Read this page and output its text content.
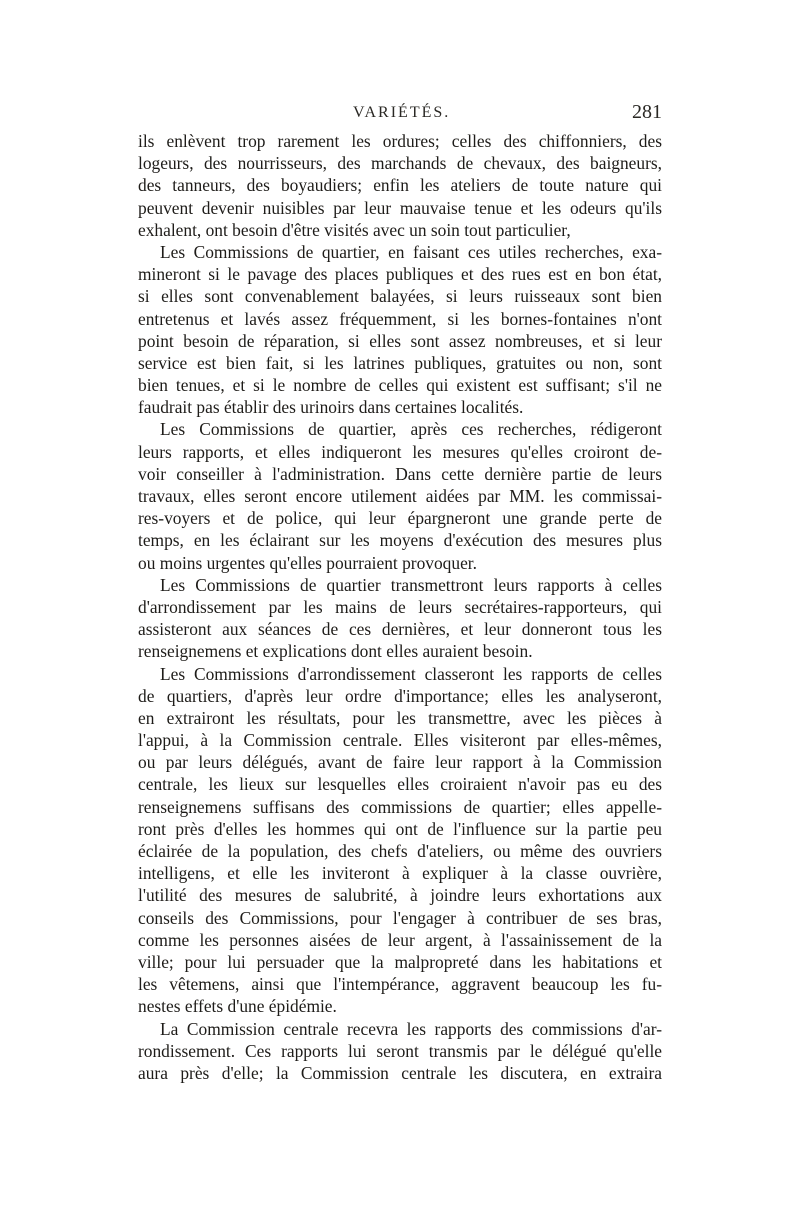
VARIÉTÉS.	281
ils enlèvent trop rarement les ordures; celles des chiffonniers, des
logeurs, des nourrisseurs, des marchands de chevaux, des baigneurs,
des tanneurs, des boyaudiers; enfin les ateliers de toute nature qui
peuvent devenir nuisibles par leur mauvaise tenue et les odeurs qu'ils
exhalent, ont besoin d'être visités avec un soin tout particulier,
Les Commissions de quartier, en faisant ces utiles recherches, exa-
mineront si le pavage des places publiques et des rues est en bon état,
si elles sont convenablement balayées, si leurs ruisseaux sont bien
entretenus et lavés assez fréquemment, si les bornes-fontaines n'ont
point besoin de réparation, si elles sont assez nombreuses, et si leur
service est bien fait, si les latrines publiques, gratuites ou non, sont
bien tenues, et si le nombre de celles qui existent est suffisant; s'il ne
faudrait pas établir des urinoirs dans certaines localités.
Les Commissions de quartier, après ces recherches, rédigeront
leurs rapports, et elles indiqueront les mesures qu'elles croiront de-
voir conseiller à l'administration. Dans cette dernière partie de leurs
travaux, elles seront encore utilement aidées par MM. les commissai-
res-voyers et de police, qui leur épargneront une grande perte de
temps, en les éclairant sur les moyens d'exécution des mesures plus
ou moins urgentes qu'elles pourraient provoquer.
Les Commissions de quartier transmettront leurs rapports à celles
d'arrondissement par les mains de leurs secrétaires-rapporteurs, qui
assisteront aux séances de ces dernières, et leur donneront tous les
renseignemens et explications dont elles auraient besoin.
Les Commissions d'arrondissement classeront les rapports de celles
de quartiers, d'après leur ordre d'importance; elles les analyseront,
en extrairont les résultats, pour les transmettre, avec les pièces à
l'appui, à la Commission centrale. Elles visiteront par elles-mêmes,
ou par leurs délégués, avant de faire leur rapport à la Commission
centrale, les lieux sur lesquelles elles croiraient n'avoir pas eu des
renseignemens suffisans des commissions de quartier; elles appelle-
ront près d'elles les hommes qui ont de l'influence sur la partie peu
éclairée de la population, des chefs d'ateliers, ou même des ouvriers
intelligens, et elle les inviteront à expliquer à la classe ouvrière,
l'utilité des mesures de salubrité, à joindre leurs exhortations aux
conseils des Commissions, pour l'engager à contribuer de ses bras,
comme les personnes aisées de leur argent, à l'assainissement de la
ville; pour lui persuader que la malpropreté dans les habitations et
les vêtemens, ainsi que l'intempérance, aggravent beaucoup les fu-
nestes effets d'une épidémie.
La Commission centrale recevra les rapports des commissions d'ar-
rondissement. Ces rapports lui seront transmis par le délégué qu'elle
aura près d'elle; la Commission centrale les discutera, en extraira
